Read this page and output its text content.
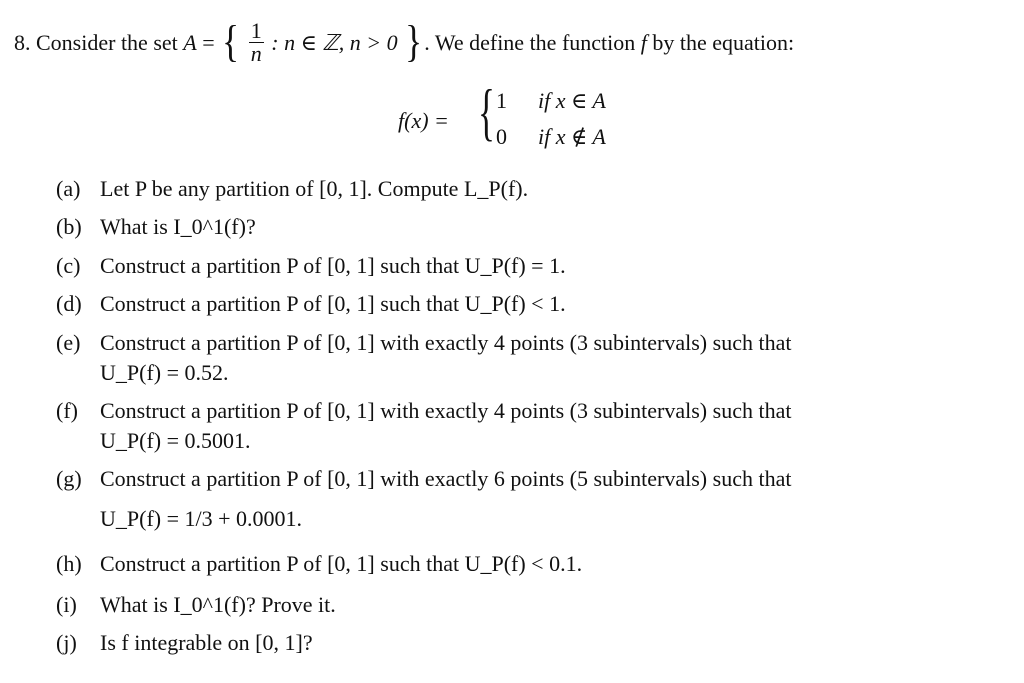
8. Consider the set A = { $\frac{1}{n}$ : n ∈ ℤ, n > 0 }. We define the function f by the equation:
f(x) = { 1 if x ∈ A
0 if x ∉ A
(a) Let P be any partition of [0, 1]. Compute L_P(f).
(b) What is I_0^1(f)?
(c) Construct a partition P of [0, 1] such that U_P(f) = 1.
(d) Construct a partition P of [0, 1] such that U_P(f) < 1.
(e) Construct a partition P of [0, 1] with exactly 4 points (3 subintervals) such that
U_P(f) = 0.52.
(f) Construct a partition P of [0, 1] with exactly 4 points (3 subintervals) such that
U_P(f) = 0.5001.
(g) Construct a partition P of [0, 1] with exactly 6 points (5 subintervals) such that
U_P(f) = 1/3 + 0.0001.
(h) Construct a partition P of [0, 1] such that U_P(f) < 0.1.
(i) What is I_0^1(f)? Prove it.
(j) Is f integrable on [0, 1]?
